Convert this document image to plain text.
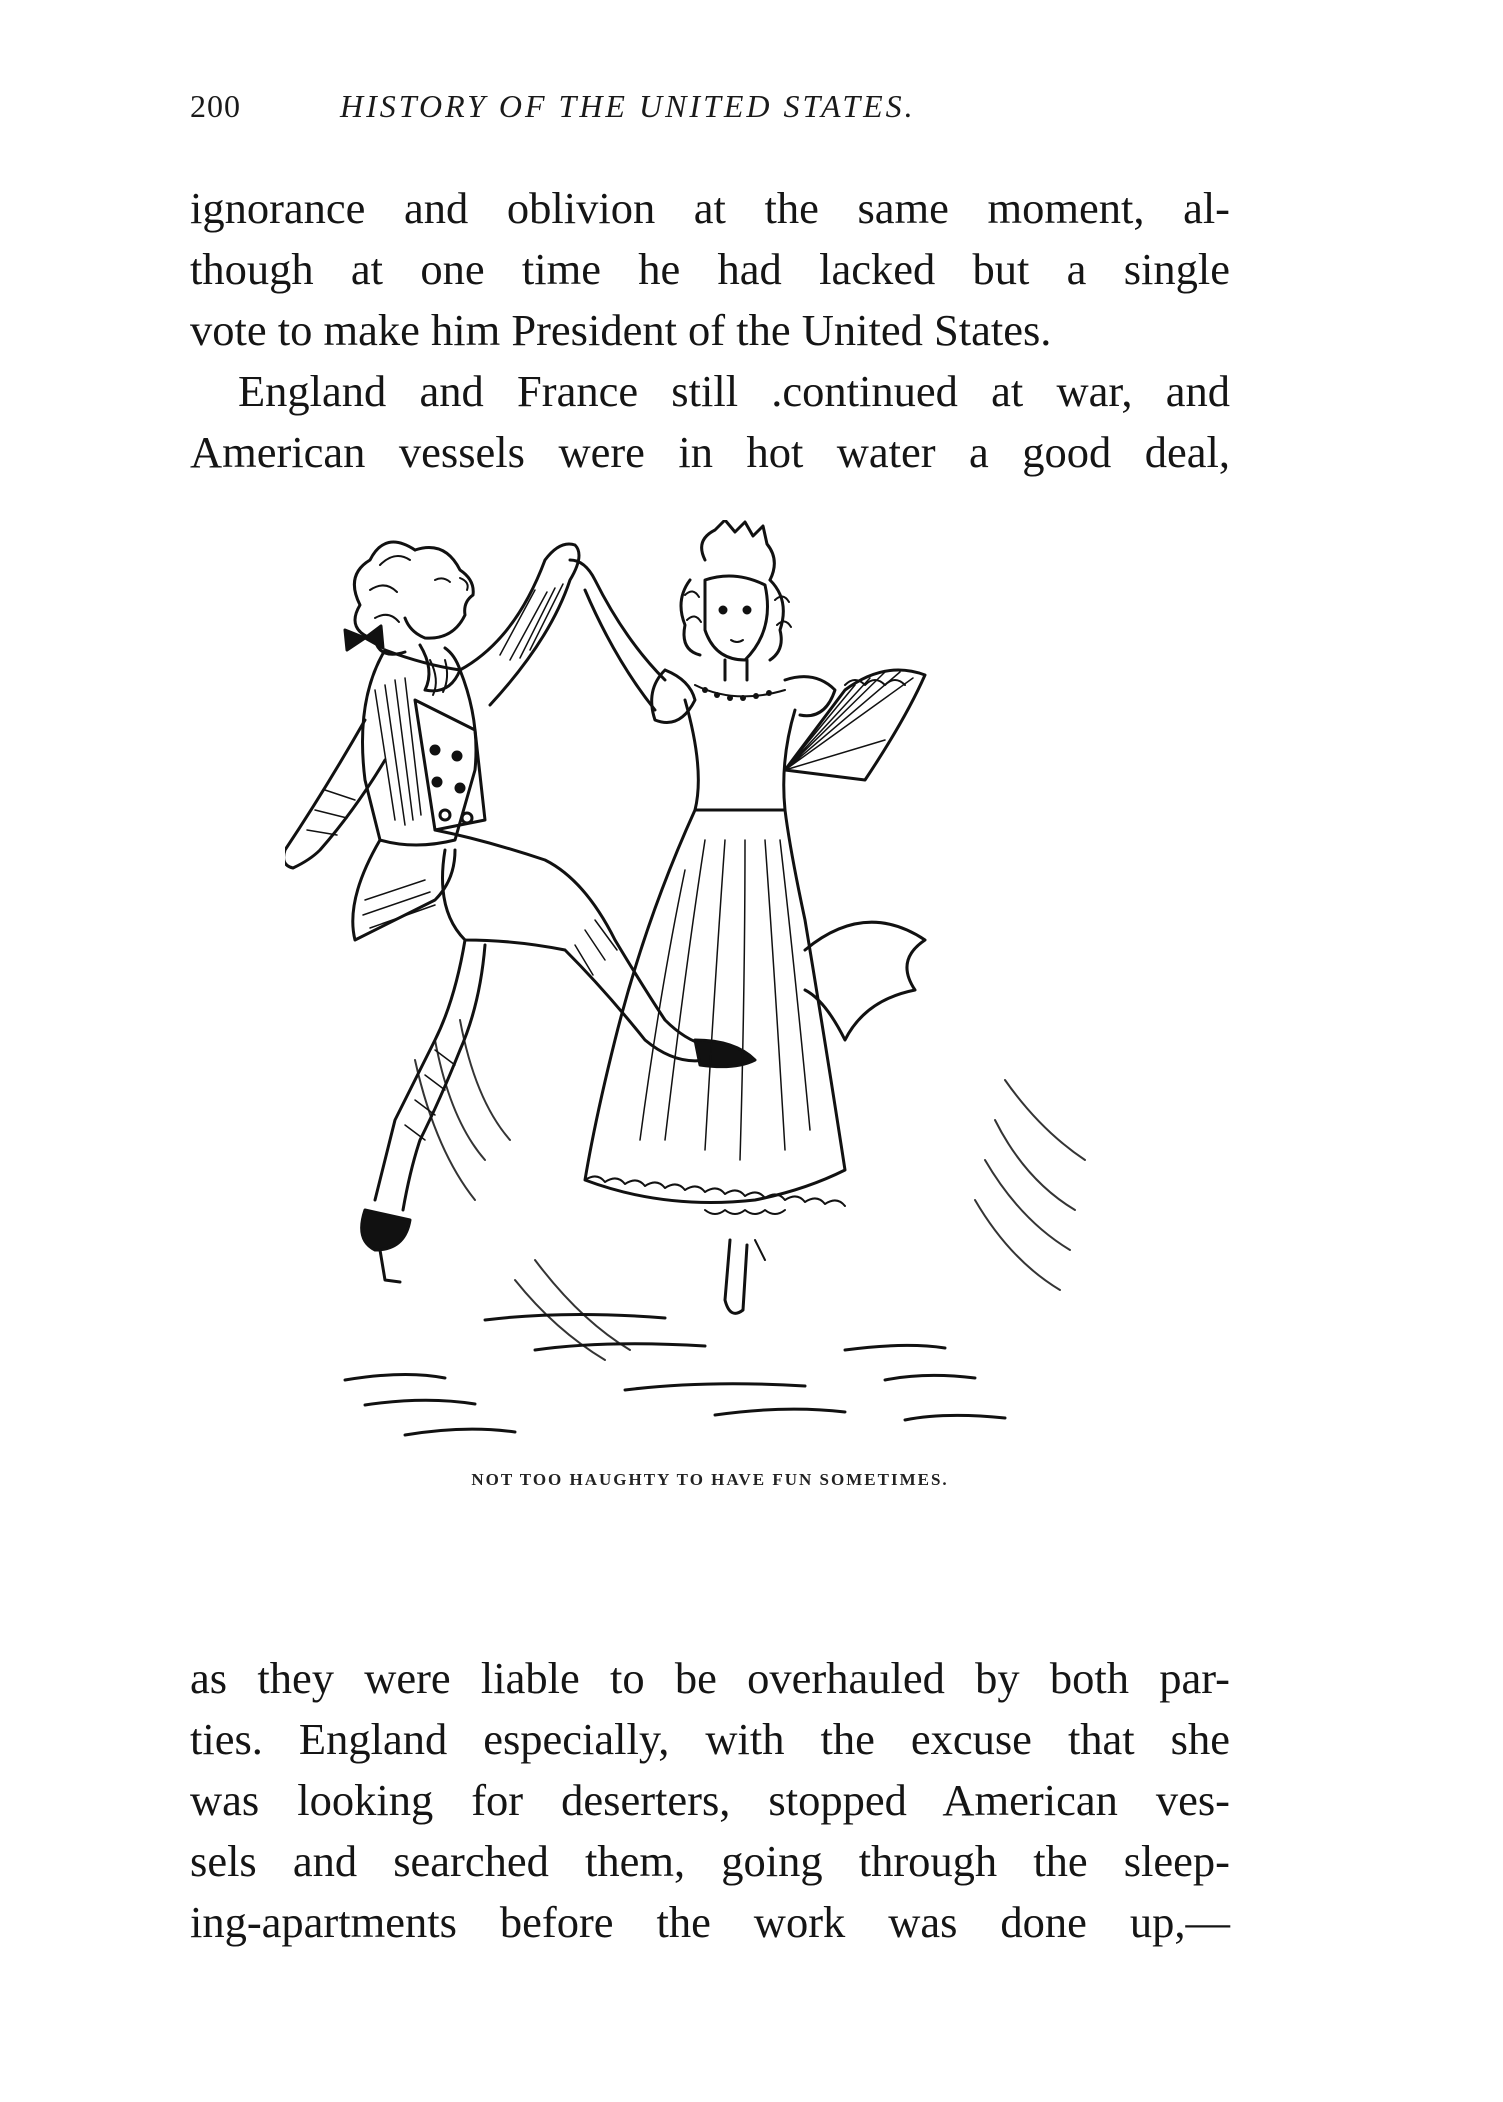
200	HISTORY OF THE UNITED STATES.
ignorance and oblivion at the same moment, al-
though at one time he had lacked but a single
vote to make him President of the United States.
England and France still .continued at war, and
American vessels were in hot water a good deal,
NOT TOO HAUGHTY TO HAVE FUN SOMETIMES.
as they were liable to be overhauled by both par-
ties. England especially, with the excuse that she
was looking for deserters, stopped American ves-
sels and searched them, going through the sleep-
ing-apartments before the work was done up,—
